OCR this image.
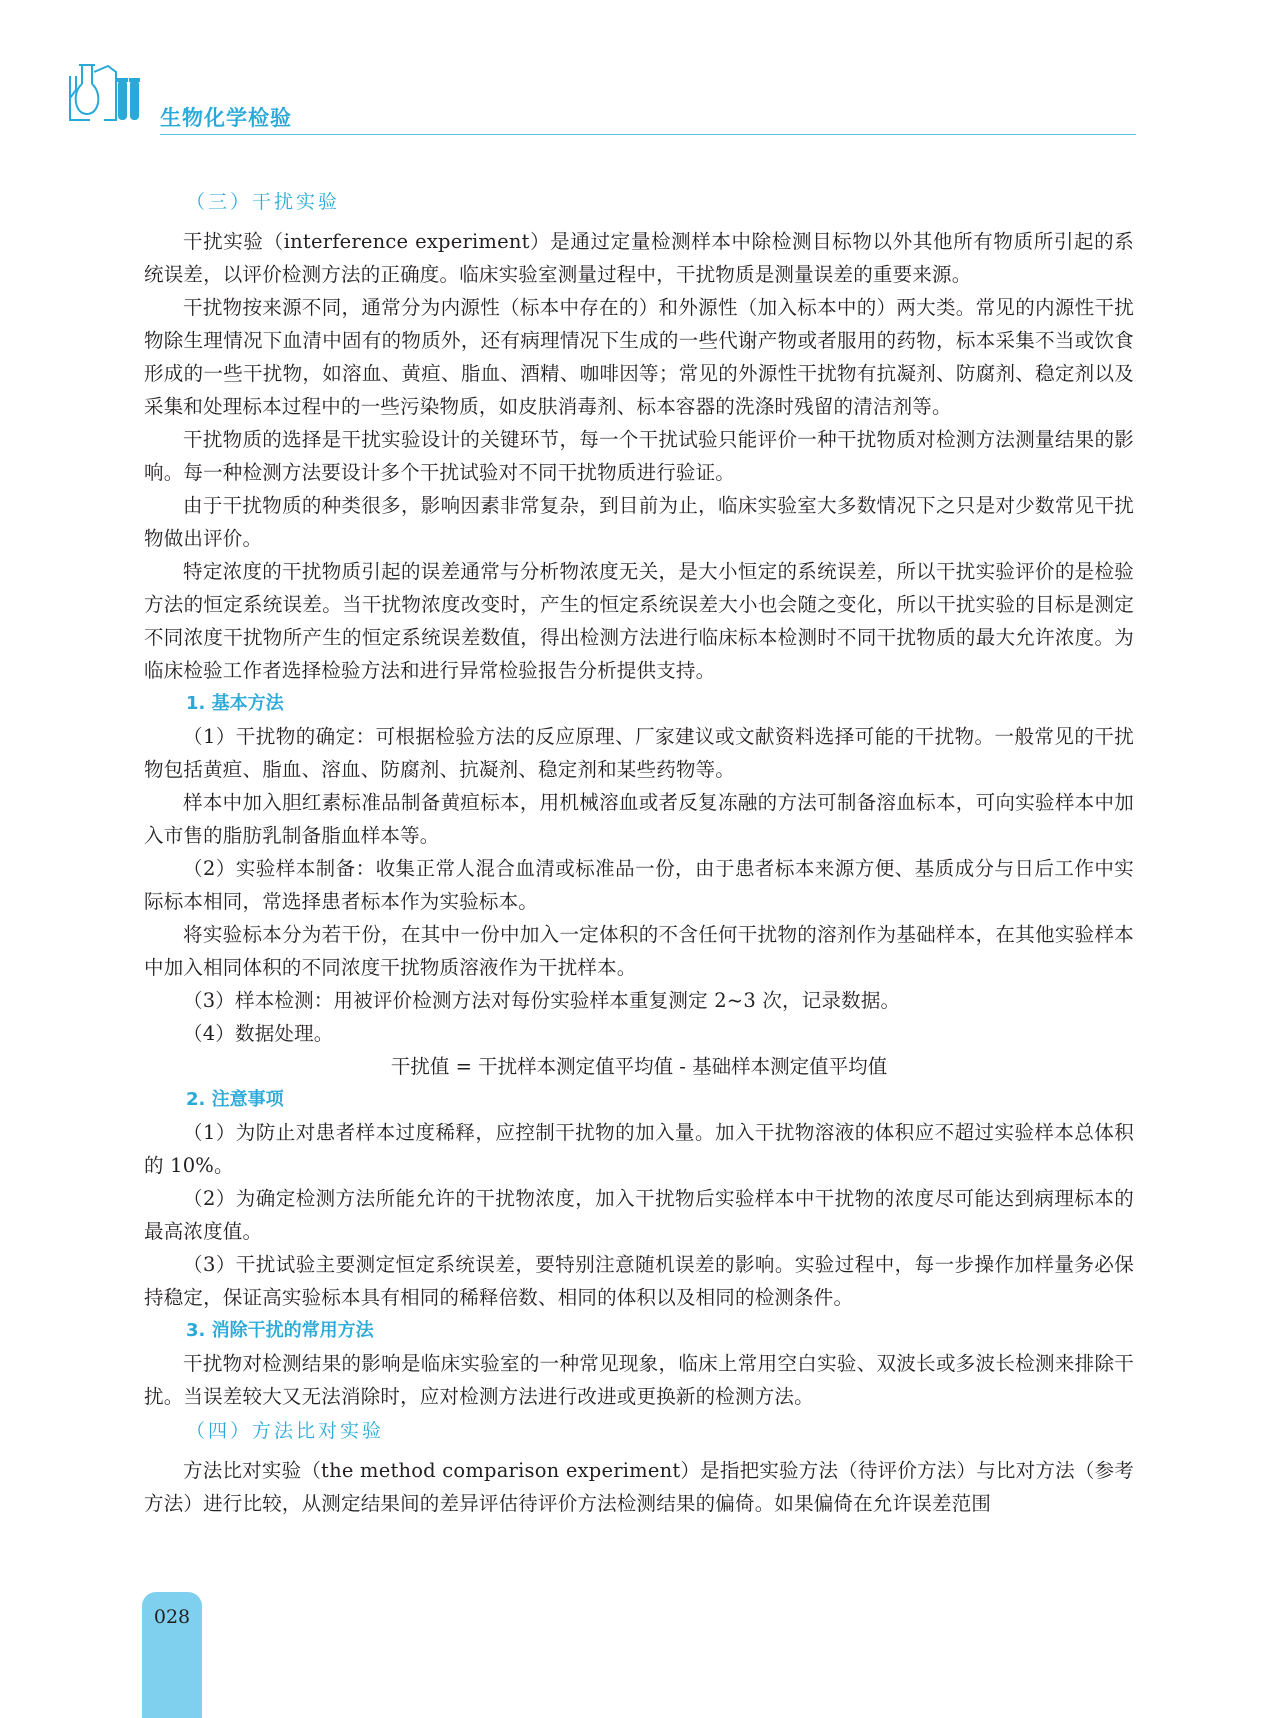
生物化学检验
（三）干扰实验

干扰实验（interference experiment）是通过定量检测样本中除检测目标物以外其他所有物质所引起的系统误差，以评价检测方法的正确度。临床实验室测量过程中，干扰物质是测量误差的重要来源。

干扰物按来源不同，通常分为内源性（标本中存在的）和外源性（加入标本中的）两大类。常见的内源性干扰物除生理情况下血清中固有的物质外，还有病理情况下生成的一些代谢产物或者服用的药物，标本采集不当或饮食形成的一些干扰物，如溶血、黄疸、脂血、酒精、咖啡因等；常见的外源性干扰物有抗凝剂、防腐剂、稳定剂以及采集和处理标本过程中的一些污染物质，如皮肤消毒剂、标本容器的洗涤时残留的清洁剂等。

干扰物质的选择是干扰实验设计的关键环节，每一个干扰试验只能评价一种干扰物质对检测方法测量结果的影响。每一种检测方法要设计多个干扰试验对不同干扰物质进行验证。

由于干扰物质的种类很多，影响因素非常复杂，到目前为止，临床实验室大多数情况下之只是对少数常见干扰物做出评价。

特定浓度的干扰物质引起的误差通常与分析物浓度无关，是大小恒定的系统误差，所以干扰实验评价的是检验方法的恒定系统误差。当干扰物浓度改变时，产生的恒定系统误差大小也会随之变化，所以干扰实验的目标是测定不同浓度干扰物所产生的恒定系统误差数值，得出检测方法进行临床标本检测时不同干扰物质的最大允许浓度。为临床检验工作者选择检验方法和进行异常检验报告分析提供支持。

1. 基本方法

（1）干扰物的确定：可根据检验方法的反应原理、厂家建议或文献资料选择可能的干扰物。一般常见的干扰物包括黄疸、脂血、溶血、防腐剂、抗凝剂、稳定剂和某些药物等。

样本中加入胆红素标准品制备黄疸标本，用机械溶血或者反复冻融的方法可制备溶血标本，可向实验样本中加入市售的脂肪乳制备脂血样本等。

（2）实验样本制备：收集正常人混合血清或标准品一份，由于患者标本来源方便、基质成分与日后工作中实际标本相同，常选择患者标本作为实验标本。

将实验标本分为若干份，在其中一份中加入一定体积的不含任何干扰物的溶剂作为基础样本，在其他实验样本中加入相同体积的不同浓度干扰物质溶液作为干扰样本。

（3）样本检测：用被评价检测方法对每份实验样本重复测定 2~3 次，记录数据。

（4）数据处理。

干扰值 = 干扰样本测定值平均值 - 基础样本测定值平均值

2. 注意事项

（1）为防止对患者样本过度稀释，应控制干扰物的加入量。加入干扰物溶液的体积应不超过实验样本总体积的 10%。

（2）为确定检测方法所能允许的干扰物浓度，加入干扰物后实验样本中干扰物的浓度尽可能达到病理标本的最高浓度值。

（3）干扰试验主要测定恒定系统误差，要特别注意随机误差的影响。实验过程中，每一步操作加样量务必保持稳定，保证高实验标本具有相同的稀释倍数、相同的体积以及相同的检测条件。

3. 消除干扰的常用方法

干扰物对检测结果的影响是临床实验室的一种常见现象，临床上常用空白实验、双波长或多波长检测来排除干扰。当误差较大又无法消除时，应对检测方法进行改进或更换新的检测方法。

（四）方法比对实验

方法比对实验（the method comparison experiment）是指把实验方法（待评价方法）与比对方法（参考方法）进行比较，从测定结果间的差异评估待评价方法检测结果的偏倚。如果偏倚在允许误差范围

028
